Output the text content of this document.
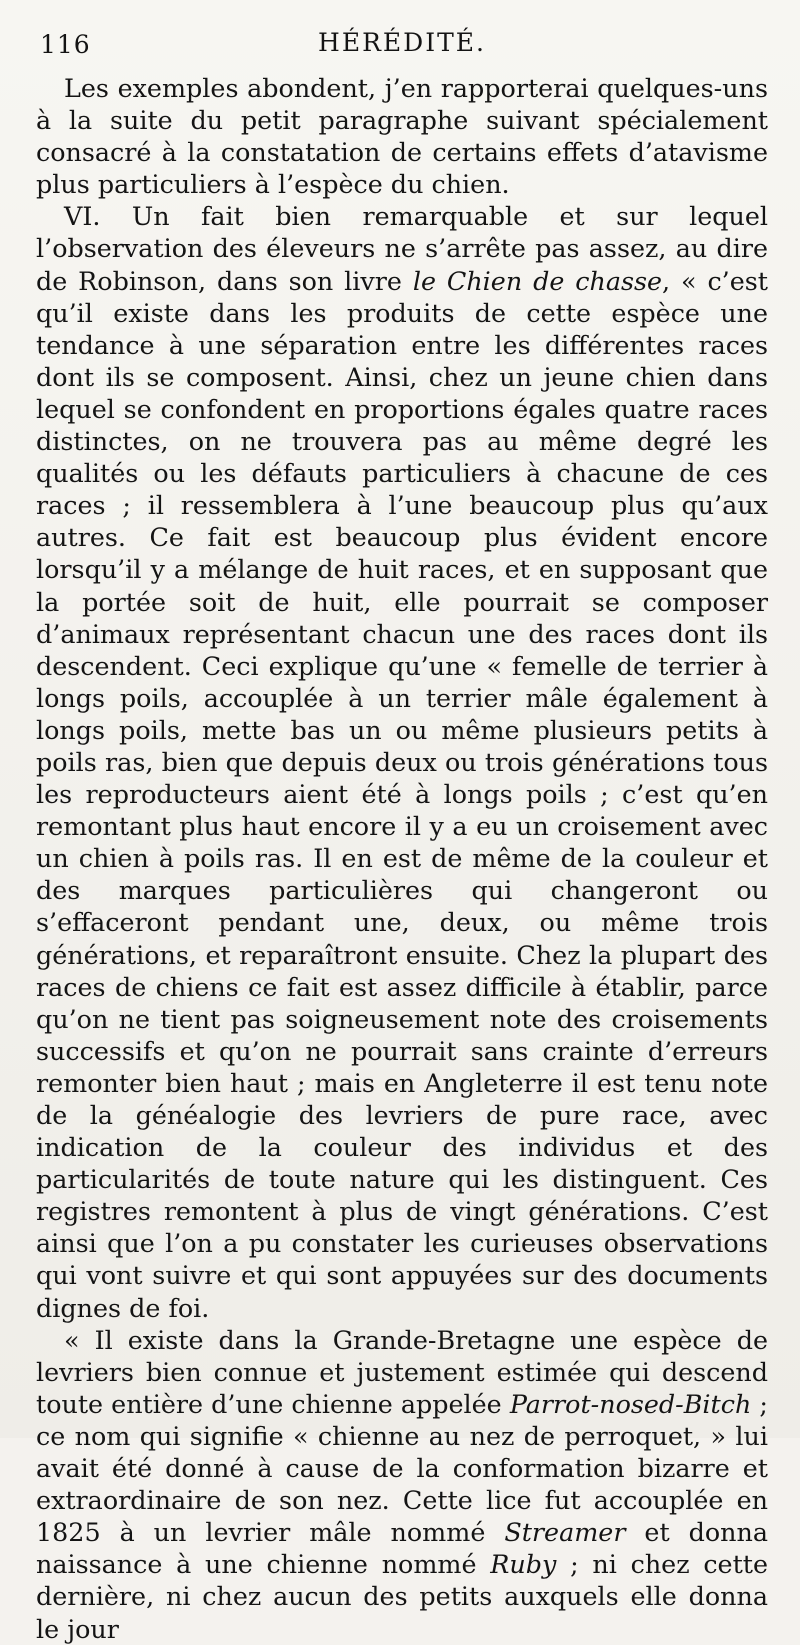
116	HÉRÉDITÉ.

Les exemples abondent, j’en rapporterai quelques-uns à la suite du petit paragraphe suivant spécialement consacré à la constatation de certains effets d’atavisme plus particuliers à l’espèce du chien.

VI. Un fait bien remarquable et sur lequel l’observation des éleveurs ne s’arrête pas assez, au dire de Robinson, dans son livre le Chien de chasse, « c’est qu’il existe dans les produits de cette espèce une tendance à une séparation entre les différentes races dont ils se composent. Ainsi, chez un jeune chien dans lequel se confondent en proportions égales quatre races distinctes, on ne trouvera pas au même degré les qualités ou les défauts particuliers à chacune de ces races ; il ressemblera à l’une beaucoup plus qu’aux autres. Ce fait est beaucoup plus évident encore lorsqu’il y a mélange de huit races, et en supposant que la portée soit de huit, elle pourrait se composer d’animaux représentant chacun une des races dont ils descendent. Ceci explique qu’une « femelle de terrier à longs poils, accouplée à un terrier mâle également à longs poils, mette bas un ou même plusieurs petits à poils ras, bien que depuis deux ou trois générations tous les reproducteurs aient été à longs poils ; c’est qu’en remontant plus haut encore il y a eu un croisement avec un chien à poils ras. Il en est de même de la couleur et des marques particulières qui changeront ou s’effaceront pendant une, deux, ou même trois générations, et reparaîtront ensuite. Chez la plupart des races de chiens ce fait est assez difficile à établir, parce qu’on ne tient pas soigneusement note des croisements successifs et qu’on ne pourrait sans crainte d’erreurs remonter bien haut ; mais en Angleterre il est tenu note de la généalogie des levriers de pure race, avec indication de la couleur des individus et des particularités de toute nature qui les distinguent. Ces registres remontent à plus de vingt générations. C’est ainsi que l’on a pu constater les curieuses observations qui vont suivre et qui sont appuyées sur des documents dignes de foi.

« Il existe dans la Grande-Bretagne une espèce de levriers bien connue et justement estimée qui descend toute entière d’une chienne appelée Parrot-nosed-Bitch ; ce nom qui signifie « chienne au nez de perroquet, » lui avait été donné à cause de la conformation bizarre et extraordinaire de son nez. Cette lice fut accouplée en 1825 à un levrier mâle nommé Streamer et donna naissance à une chienne nommé Ruby ; ni chez cette dernière, ni chez aucun des petits auxquels elle donna le jour
